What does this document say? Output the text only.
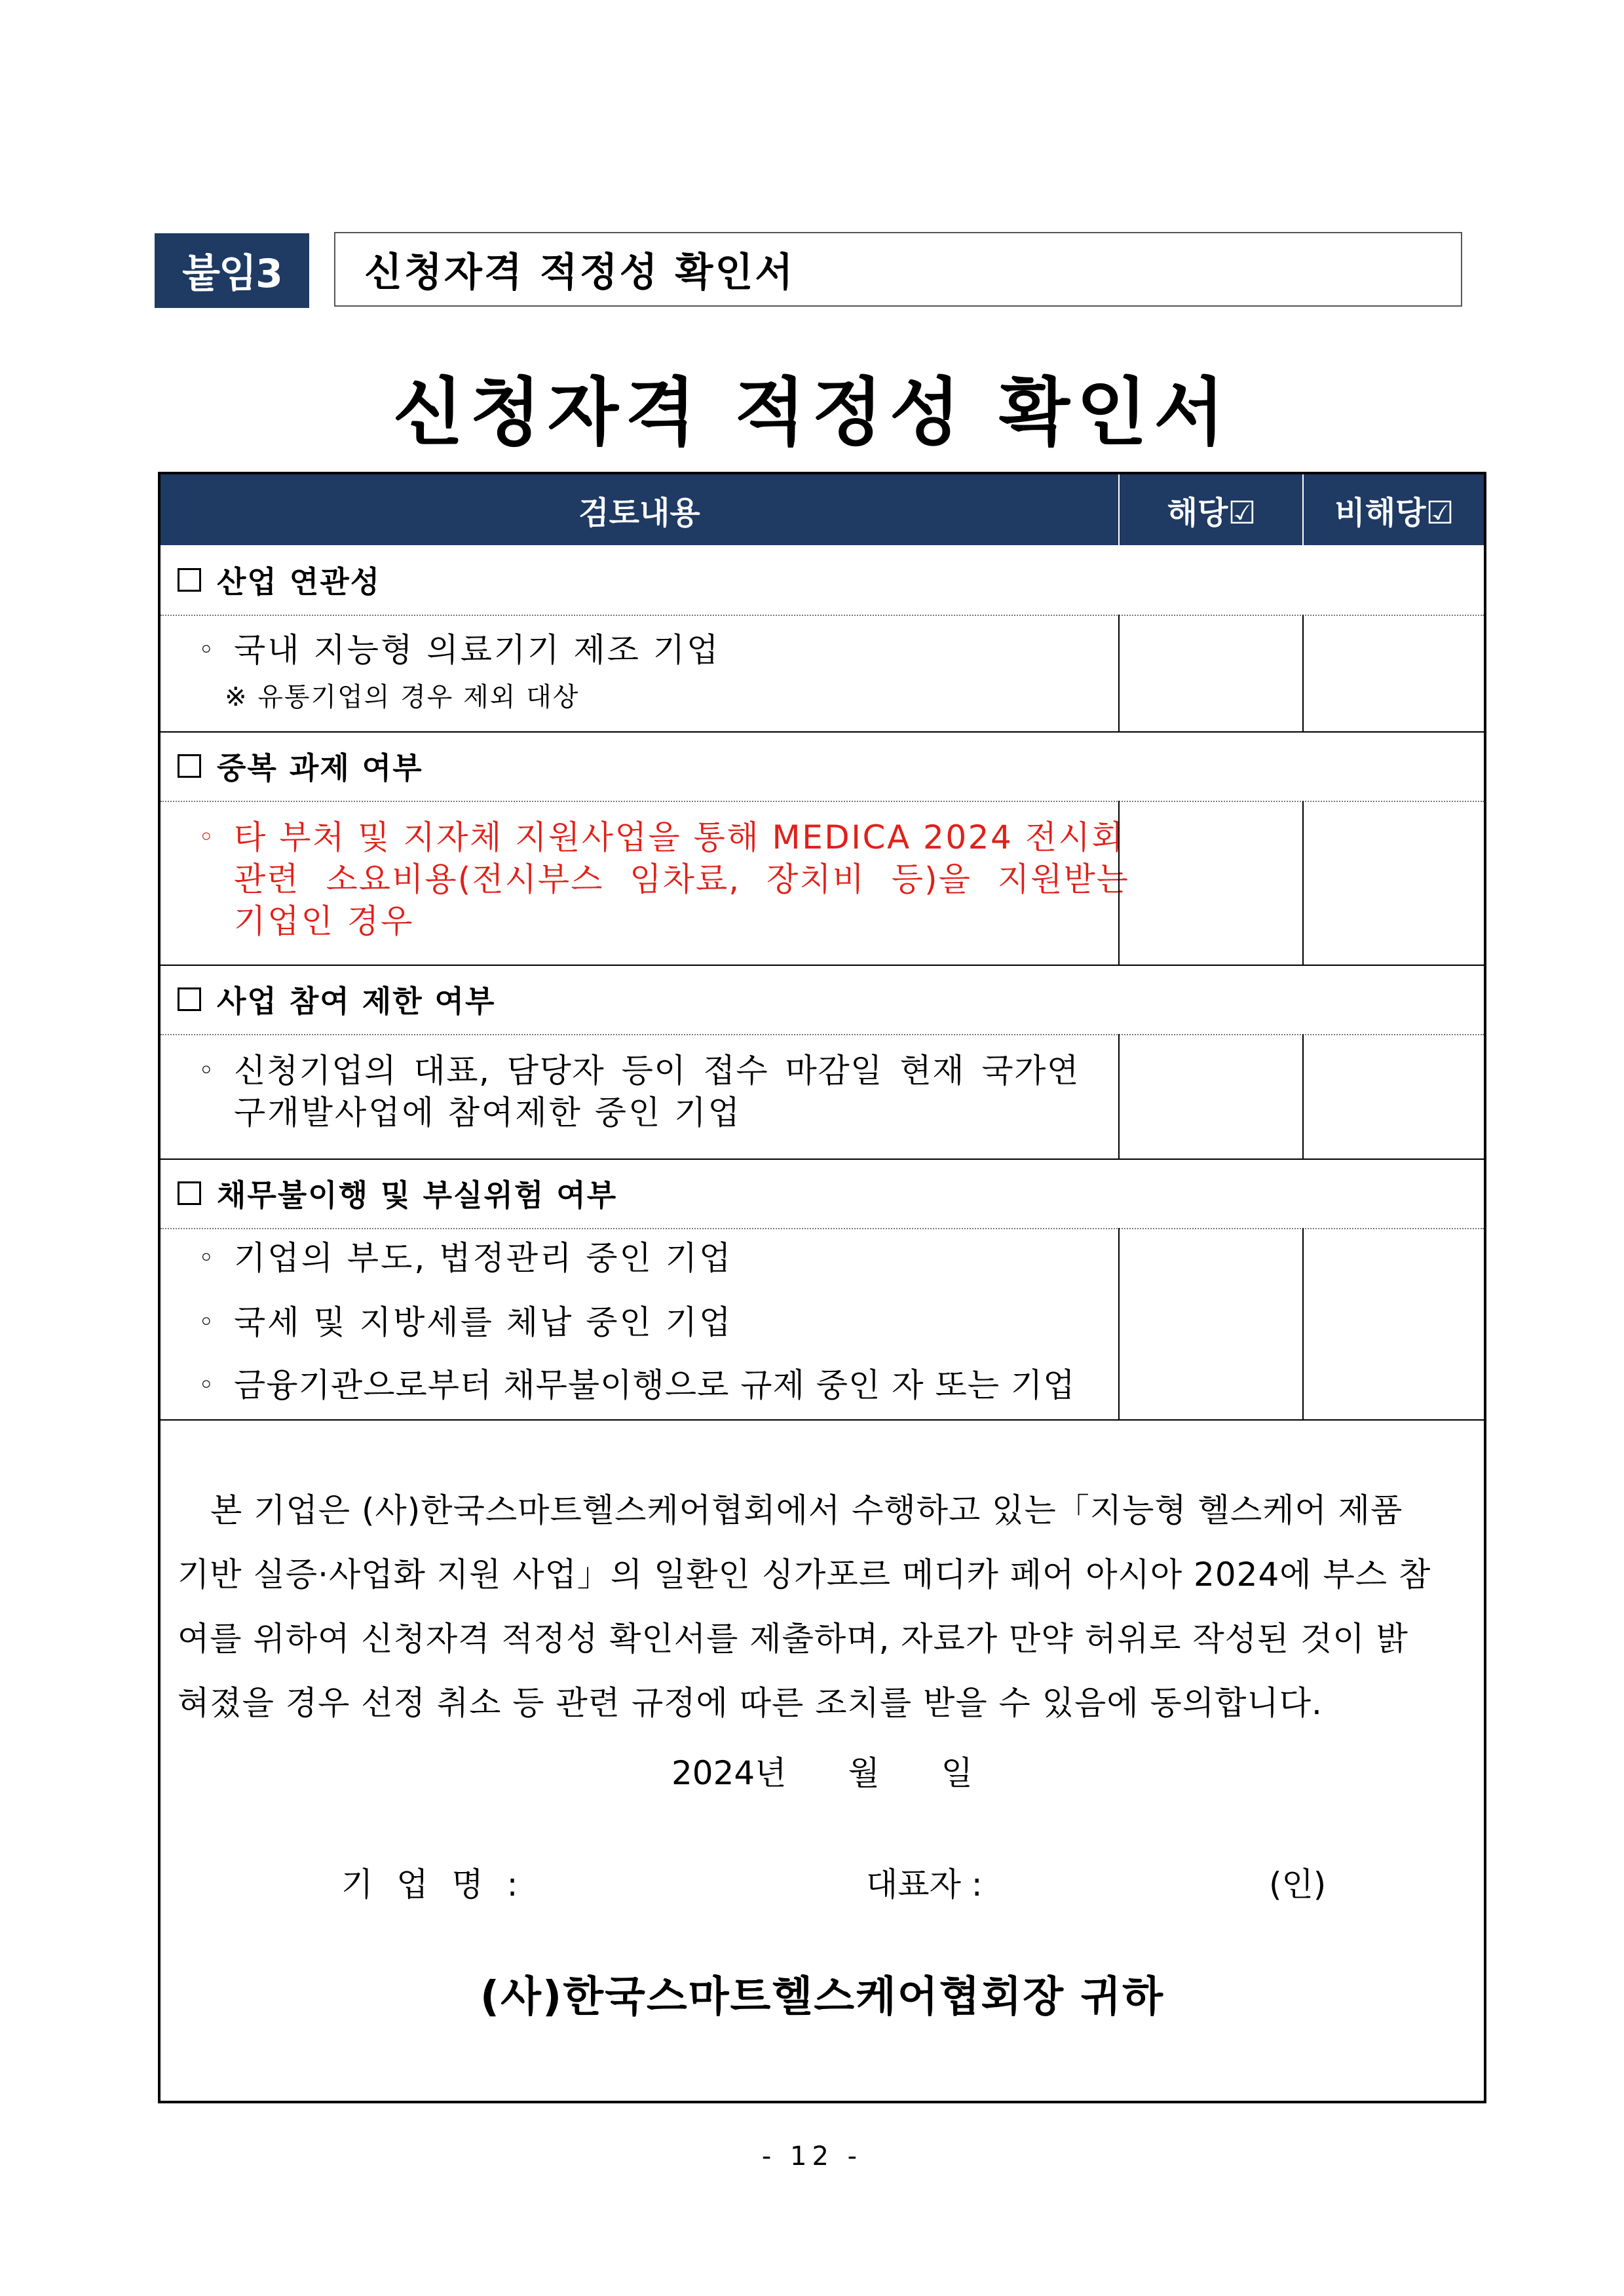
붙임3	신청자격 적정성 확인서
신청자격 적정성 확인서
검토내용	해당☑	비해당☑
산업 연관성
◦ 국내 지능형 의료기기 제조 기업
※ 유통기업의 경우 제외 대상
중복 과제 여부
◦ 타 부처 및 지자체 지원사업을 통해 MEDICA 2024 전시회
관련 소요비용(전시부스 임차료, 장치비 등)을 지원받는
기업인 경우
사업 참여 제한 여부
◦ 신청기업의 대표, 담당자 등이 접수 마감일 현재 국가연
구개발사업에 참여제한 중인 기업
채무불이행 및 부실위험 여부
◦ 기업의 부도, 법정관리 중인 기업
◦ 국세 및 지방세를 체납 중인 기업
◦ 금융기관으로부터 채무불이행으로 규제 중인 자 또는 기업
본 기업은 (사)한국스마트헬스케어협회에서 수행하고 있는「지능형 헬스케어 제품
기반 실증·사업화 지원 사업」의 일환인 싱가포르 메디카 페어 아시아 2024에 부스 참
여를 위하여 신청자격 적정성 확인서를 제출하며, 자료가 만약 허위로 작성된 것이 밝
혀졌을 경우 선정 취소 등 관련 규정에 따른 조치를 받을 수 있음에 동의합니다.
2024년 월 일
기 업 명 :	대표자 :	(인)
(사)한국스마트헬스케어협회장 귀하
- 12 -
